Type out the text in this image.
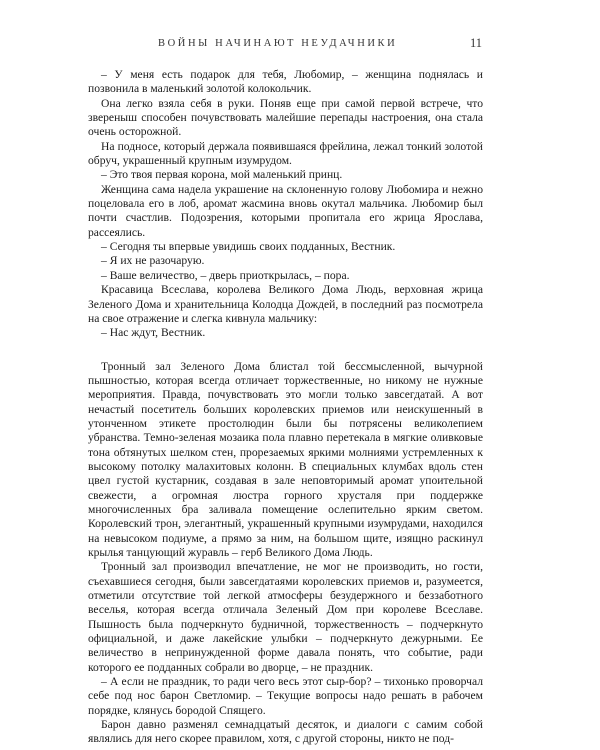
ВОЙНЫ НАЧИНАЮТ НЕУДАЧНИКИ	11

– У меня есть подарок для тебя, Любомир, – женщина поднялась и позвонила в маленький золотой колокольчик.

Она легко взяла себя в руки. Поняв еще при самой первой встрече, что звереныш способен почувствовать малейшие перепады настроения, она стала очень осторожной.

На подносе, который держала появившаяся фрейлина, лежал тонкий золотой обруч, украшенный крупным изумрудом.

– Это твоя первая корона, мой маленький принц.

Женщина сама надела украшение на склоненную голову Любомира и нежно поцеловала его в лоб, аромат жасмина вновь окутал мальчика. Любомир был почти счастлив. Подозрения, которыми пропитала его жрица Ярослава, рассеялись.

– Сегодня ты впервые увидишь своих подданных, Вестник.

– Я их не разочарую.

– Ваше величество, – дверь приоткрылась, – пора.

Красавица Всеслава, королева Великого Дома Людь, верховная жрица Зеленого Дома и хранительница Колодца Дождей, в последний раз посмотрела на свое отражение и слегка кивнула мальчику:

– Нас ждут, Вестник.

Тронный зал Зеленого Дома блистал той бессмысленной, вычурной пышностью, которая всегда отличает торжественные, но никому не нужные мероприятия. Правда, почувствовать это могли только завсегдатай. А вот нечастый посетитель больших королевских приемов или неискушенный в утонченном этикете простолюдин были бы потрясены великолепием убранства. Темно-зеленая мозаика пола плавно перетекала в мягкие оливковые тона обтянутых шелком стен, прорезаемых яркими молниями устремленных к высокому потолку малахитовых колонн. В специальных клумбах вдоль стен цвел густой кустарник, создавая в зале неповторимый аромат упоительной свежести, а огромная люстра горного хрусталя при поддержке многочисленных бра заливала помещение ослепительно ярким светом. Королевский трон, элегантный, украшенный крупными изумрудами, находился на невысоком подиуме, а прямо за ним, на большом щите, изящно раскинул крылья танцующий журавль – герб Великого Дома Людь.

Тронный зал производил впечатление, не мог не производить, но гости, съехавшиеся сегодня, были завсегдатаями королевских приемов и, разумеется, отметили отсутствие той легкой атмосферы безудержного и беззаботного веселья, которая всегда отличала Зеленый Дом при королеве Всеславе. Пышность была подчеркнуто будничной, торжественность – подчеркнуто официальной, и даже лакейские улыбки – подчеркнуто дежурными. Ее величество в непринужденной форме давала понять, что событие, ради которого ее подданных собрали во дворце, – не праздник.

– А если не праздник, то ради чего весь этот сыр-бор? – тихонько проворчал себе под нос барон Светломир. – Текущие вопросы надо решать в рабочем порядке, клянусь бородой Спящего.

Барон давно разменял семнадцатый десяток, и диалоги с самим собой являлись для него скорее правилом, хотя, с другой стороны, никто не под-
